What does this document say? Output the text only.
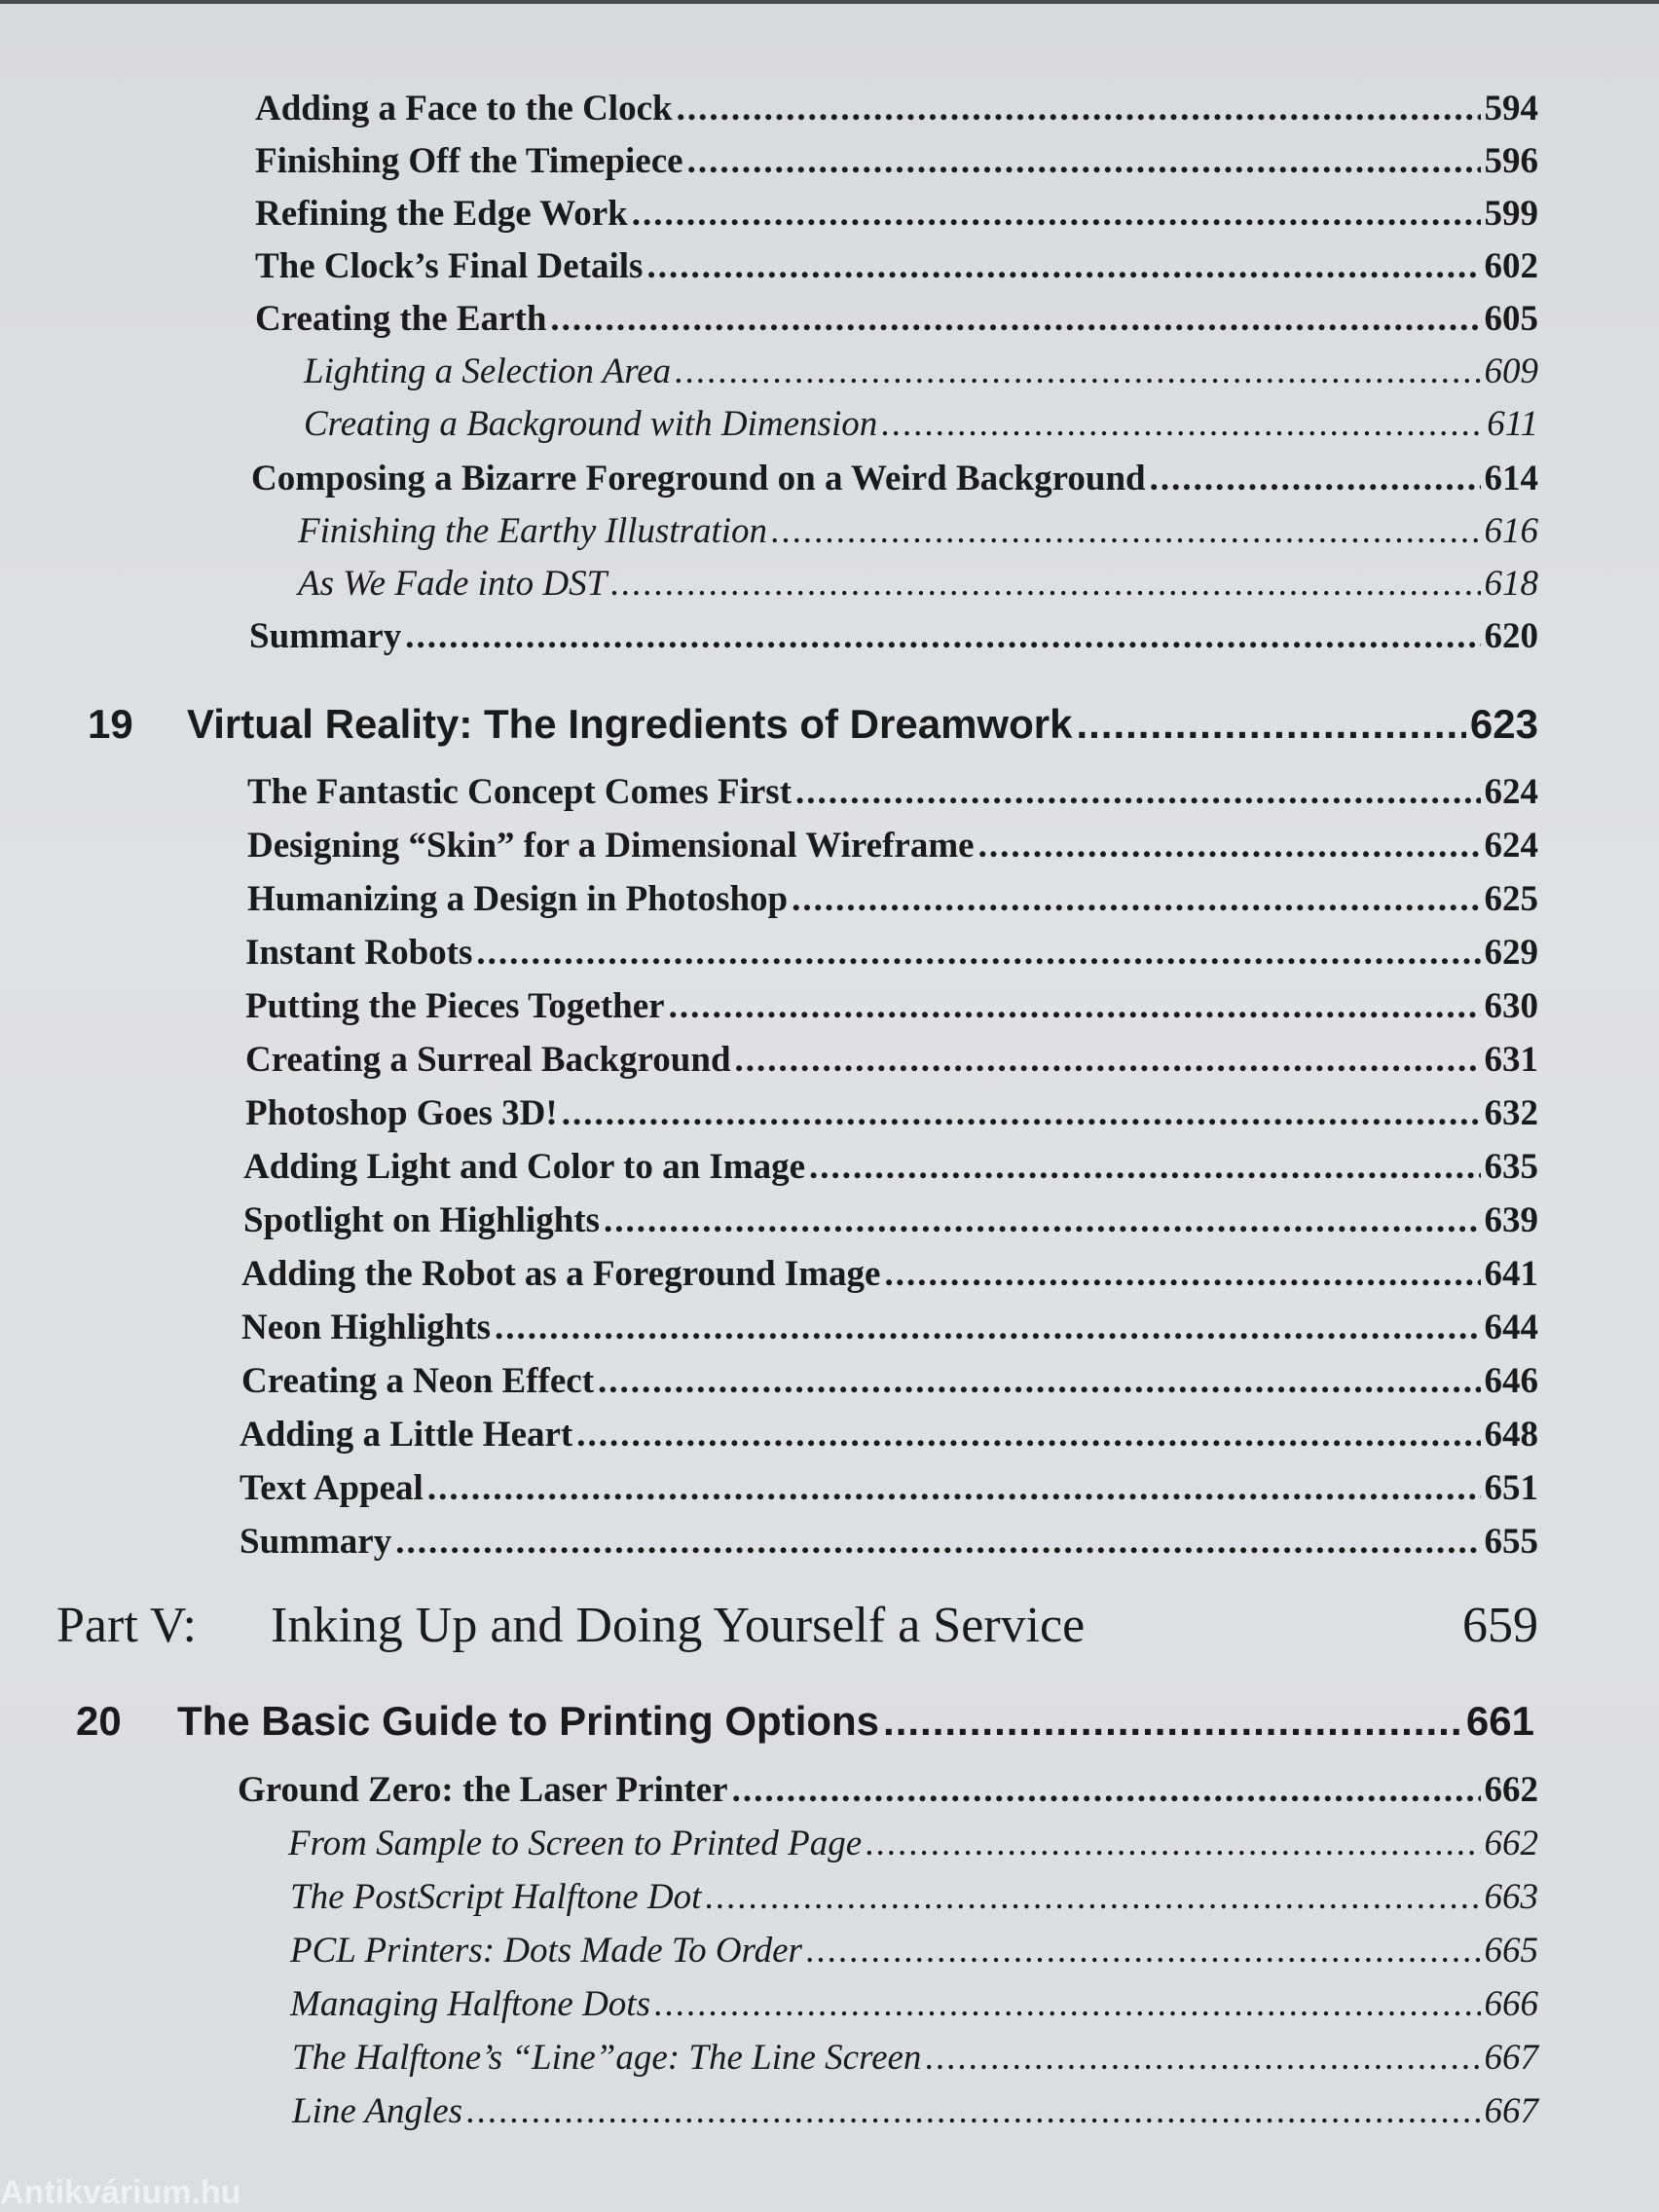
Adding a Face to the Clock .....	594
Finishing Off the Timepiece .....	596
Refining the Edge Work .....	599
The Clock’s Final Details .....	602
Creating the Earth .....	605
Lighting a Selection Area .....	609
Creating a Background with Dimension .....	611
Composing a Bizarre Foreground on a Weird Background .....	614
Finishing the Earthy Illustration .....	616
As We Fade into DST .....	618
Summary .....	620
19	Virtual Reality: The Ingredients of Dreamwork .....	623
The Fantastic Concept Comes First .....	624
Designing “Skin” for a Dimensional Wireframe .....	624
Humanizing a Design in Photoshop .....	625
Instant Robots .....	629
Putting the Pieces Together .....	630
Creating a Surreal Background .....	631
Photoshop Goes 3D! .....	632
Adding Light and Color to an Image .....	635
Spotlight on Highlights .....	639
Adding the Robot as a Foreground Image .....	641
Neon Highlights .....	644
Creating a Neon Effect .....	646
Adding a Little Heart .....	648
Text Appeal .....	651
Summary .....	655
Part V:	Inking Up and Doing Yourself a Service	659
20	The Basic Guide to Printing Options .....	661
Ground Zero: the Laser Printer .....	662
From Sample to Screen to Printed Page .....	662
The PostScript Halftone Dot .....	663
PCL Printers: Dots Made To Order .....	665
Managing Halftone Dots .....	666
The Halftone’s “Line”age: The Line Screen .....	667
Line Angles .....	667
Antikvárium.hu
